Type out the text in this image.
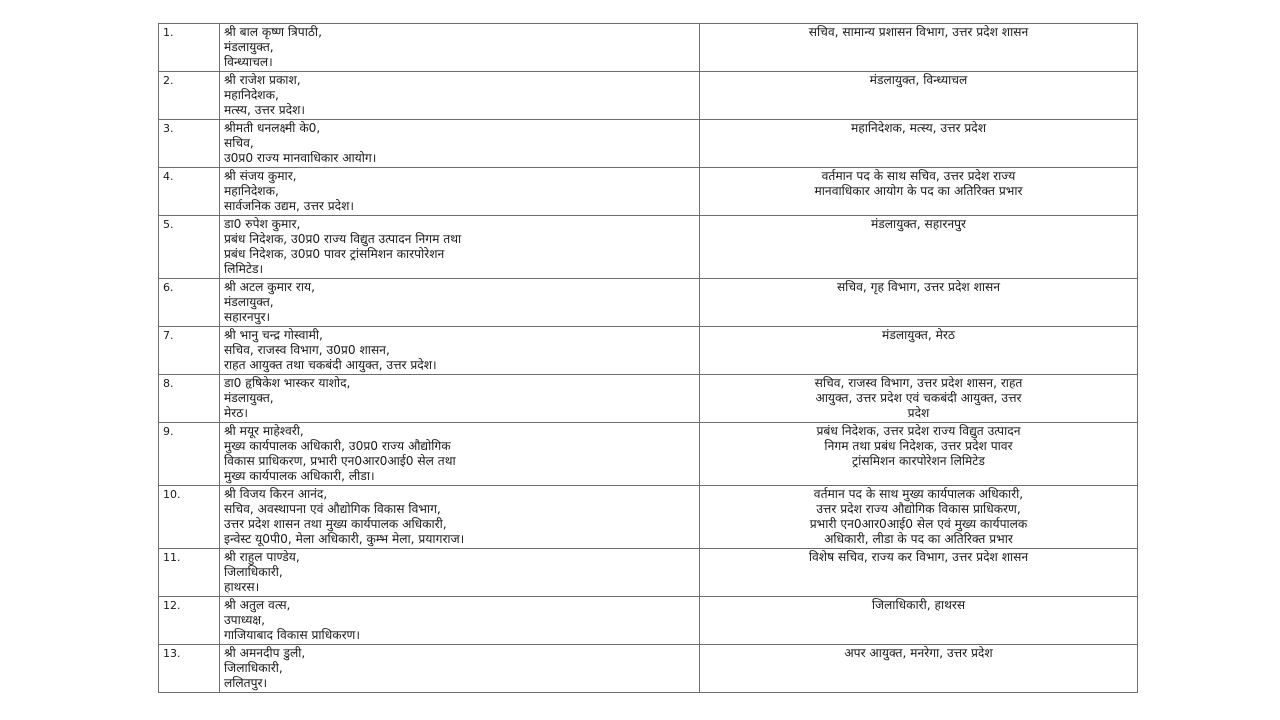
1.	श्री बाल कृष्ण त्रिपाठी,
मंडलायुक्त,
विन्ध्याचल।	सचिव, सामान्य प्रशासन विभाग, उत्तर प्रदेश शासन

2.	श्री राजेश प्रकाश,
महानिदेशक,
मत्स्य, उत्तर प्रदेश।	मंडलायुक्त, विन्ध्याचल

3.	श्रीमती धनलक्ष्मी के0,
सचिव,
उ0प्र0 राज्य मानवाधिकार आयोग।	महानिदेशक, मत्स्य, उत्तर प्रदेश

4.	श्री संजय कुमार,
महानिदेशक,
सार्वजनिक उद्यम, उत्तर प्रदेश।	वर्तमान पद के साथ सचिव, उत्तर प्रदेश राज्य
मानवाधिकार आयोग के पद का अतिरिक्त प्रभार

5.	डा0 रुपेश कुमार,
प्रबंध निदेशक, उ0प्र0 राज्य विद्युत उत्पादन निगम तथा
प्रबंध निदेशक, उ0प्र0 पावर ट्रांसमिशन कारपोरेशन
लिमिटेड।	मंडलायुक्त, सहारनपुर

6.	श्री अटल कुमार राय,
मंडलायुक्त,
सहारनपुर।	सचिव, गृह विभाग, उत्तर प्रदेश शासन

7.	श्री भानु चन्द्र गोस्वामी,
सचिव, राजस्व विभाग, उ0प्र0 शासन,
राहत आयुक्त तथा चकबंदी आयुक्त, उत्तर प्रदेश।	मंडलायुक्त, मेरठ

8.	डा0 हृषिकेश भास्कर याशोद,
मंडलायुक्त,
मेरठ।	सचिव, राजस्व विभाग, उत्तर प्रदेश शासन, राहत
आयुक्त, उत्तर प्रदेश एवं चकबंदी आयुक्त, उत्तर
प्रदेश

9.	श्री मयूर माहेश्वरी,
मुख्य कार्यपालक अधिकारी, उ0प्र0 राज्य औद्योगिक
विकास प्राधिकरण, प्रभारी एन0आर0आई0 सेल तथा
मुख्य कार्यपालक अधिकारी, लीडा।	प्रबंध निदेशक, उत्तर प्रदेश राज्य विद्युत उत्पादन
निगम तथा प्रबंध निदेशक, उत्तर प्रदेश पावर
ट्रांसमिशन कारपोरेशन लिमिटेड

10.	श्री विजय किरन आनंद,
सचिव, अवस्थापना एवं औद्योगिक विकास विभाग,
उत्तर प्रदेश शासन तथा मुख्य कार्यपालक अधिकारी,
इन्वेस्ट यू0पी0, मेला अधिकारी, कुम्भ मेला, प्रयागराज।	वर्तमान पद के साथ मुख्य कार्यपालक अधिकारी,
उत्तर प्रदेश राज्य औद्योगिक विकास प्राधिकरण,
प्रभारी एन0आर0आई0 सेल एवं मुख्य कार्यपालक
अधिकारी, लीडा के पद का अतिरिक्त प्रभार

11.	श्री राहुल पाण्डेय,
जिलाधिकारी,
हाथरस।	विशेष सचिव, राज्य कर विभाग, उत्तर प्रदेश शासन

12.	श्री अतुल वत्स,
उपाध्यक्ष,
गाजियाबाद विकास प्राधिकरण।	जिलाधिकारी, हाथरस

13.	श्री अमनदीप डुली,
जिलाधिकारी,
ललितपुर।	अपर आयुक्त, मनरेगा, उत्तर प्रदेश
